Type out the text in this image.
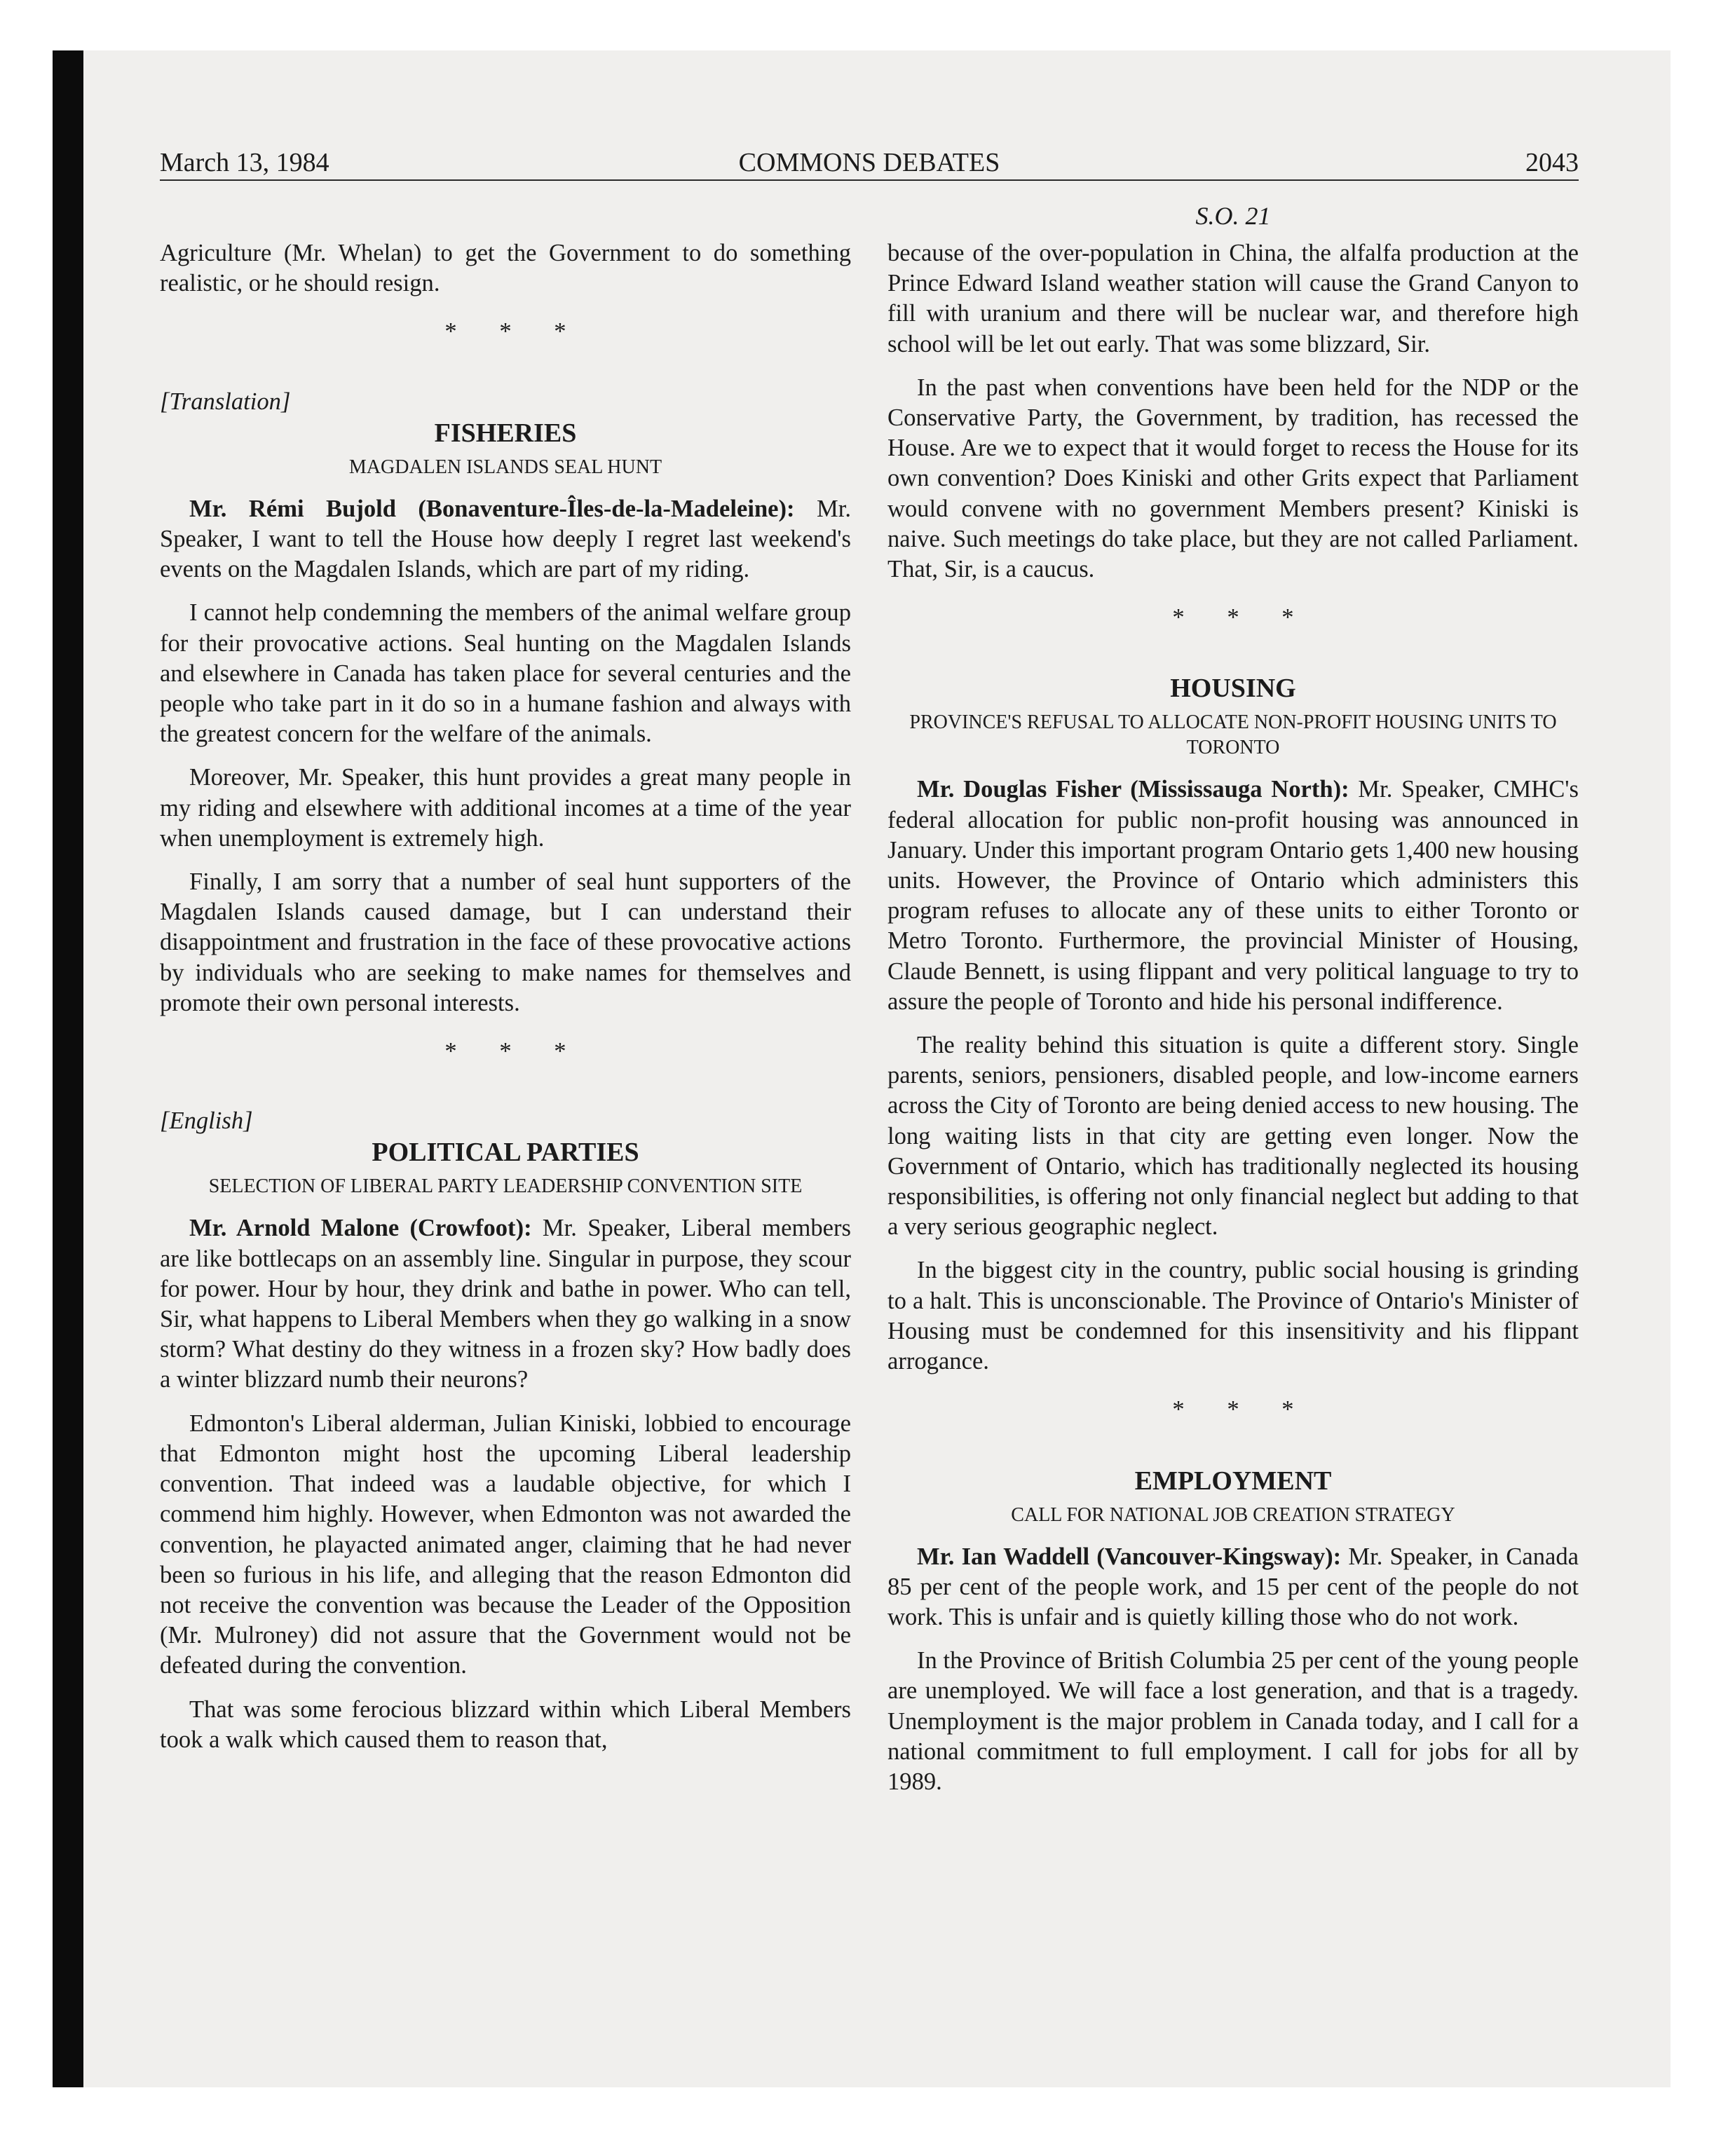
March 13, 1984	COMMONS DEBATES	2043
S.O. 21

Agriculture (Mr. Whelan) to get the Government to do something realistic, or he should resign.

* * *
[Translation]
FISHERIES
MAGDALEN ISLANDS SEAL HUNT

Mr. Rémi Bujold (Bonaventure-Îles-de-la-Madeleine): Mr. Speaker, I want to tell the House how deeply I regret last weekend's events on the Magdalen Islands, which are part of my riding.

I cannot help condemning the members of the animal welfare group for their provocative actions. Seal hunting on the Magdalen Islands and elsewhere in Canada has taken place for several centuries and the people who take part in it do so in a humane fashion and always with the greatest concern for the welfare of the animals.

Moreover, Mr. Speaker, this hunt provides a great many people in my riding and elsewhere with additional incomes at a time of the year when unemployment is extremely high.

Finally, I am sorry that a number of seal hunt supporters of the Magdalen Islands caused damage, but I can understand their disappointment and frustration in the face of these provocative actions by individuals who are seeking to make names for themselves and promote their own personal interests.

* * *
[English]
POLITICAL PARTIES
SELECTION OF LIBERAL PARTY LEADERSHIP CONVENTION SITE

Mr. Arnold Malone (Crowfoot): Mr. Speaker, Liberal members are like bottlecaps on an assembly line. Singular in purpose, they scour for power. Hour by hour, they drink and bathe in power. Who can tell, Sir, what happens to Liberal Members when they go walking in a snow storm? What destiny do they witness in a frozen sky? How badly does a winter blizzard numb their neurons?

Edmonton's Liberal alderman, Julian Kiniski, lobbied to encourage that Edmonton might host the upcoming Liberal leadership convention. That indeed was a laudable objective, for which I commend him highly. However, when Edmonton was not awarded the convention, he playacted animated anger, claiming that he had never been so furious in his life, and alleging that the reason Edmonton did not receive the convention was because the Leader of the Opposition (Mr. Mulroney) did not assure that the Government would not be defeated during the convention.

That was some ferocious blizzard within which Liberal Members took a walk which caused them to reason that,

because of the over-population in China, the alfalfa production at the Prince Edward Island weather station will cause the Grand Canyon to fill with uranium and there will be nuclear war, and therefore high school will be let out early. That was some blizzard, Sir.

In the past when conventions have been held for the NDP or the Conservative Party, the Government, by tradition, has recessed the House. Are we to expect that it would forget to recess the House for its own convention? Does Kiniski and other Grits expect that Parliament would convene with no government Members present? Kiniski is naive. Such meetings do take place, but they are not called Parliament. That, Sir, is a caucus.

* * *
HOUSING
PROVINCE'S REFUSAL TO ALLOCATE NON-PROFIT HOUSING UNITS TO TORONTO

Mr. Douglas Fisher (Mississauga North): Mr. Speaker, CMHC's federal allocation for public non-profit housing was announced in January. Under this important program Ontario gets 1,400 new housing units. However, the Province of Ontario which administers this program refuses to allocate any of these units to either Toronto or Metro Toronto. Furthermore, the provincial Minister of Housing, Claude Bennett, is using flippant and very political language to try to assure the people of Toronto and hide his personal indifference.

The reality behind this situation is quite a different story. Single parents, seniors, pensioners, disabled people, and low-income earners across the City of Toronto are being denied access to new housing. The long waiting lists in that city are getting even longer. Now the Government of Ontario, which has traditionally neglected its housing responsibilities, is offering not only financial neglect but adding to that a very serious geographic neglect.

In the biggest city in the country, public social housing is grinding to a halt. This is unconscionable. The Province of Ontario's Minister of Housing must be condemned for this insensitivity and his flippant arrogance.

* * *
EMPLOYMENT
CALL FOR NATIONAL JOB CREATION STRATEGY

Mr. Ian Waddell (Vancouver-Kingsway): Mr. Speaker, in Canada 85 per cent of the people work, and 15 per cent of the people do not work. This is unfair and is quietly killing those who do not work.

In the Province of British Columbia 25 per cent of the young people are unemployed. We will face a lost generation, and that is a tragedy. Unemployment is the major problem in Canada today, and I call for a national commitment to full employment. I call for jobs for all by 1989.
